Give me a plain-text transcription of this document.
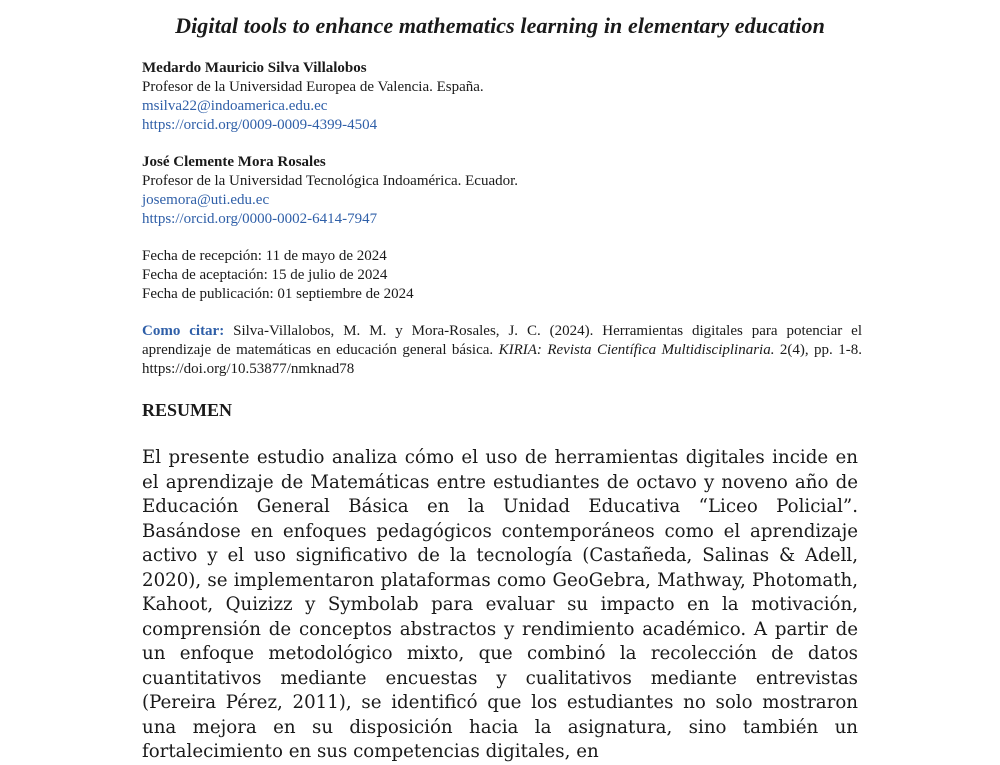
Digital tools to enhance mathematics learning in elementary education
Medardo Mauricio Silva Villalobos
Profesor de la Universidad Europea de Valencia. España.
msilva22@indoamerica.edu.ec
https://orcid.org/0009-0009-4399-4504
José Clemente Mora Rosales
Profesor de la Universidad Tecnológica Indoamérica. Ecuador.
josemora@uti.edu.ec
https://orcid.org/0000-0002-6414-7947
Fecha de recepción: 11 de mayo de 2024
Fecha de aceptación: 15 de julio de 2024
Fecha de publicación: 01 septiembre de 2024
Como citar: Silva-Villalobos, M. M. y Mora-Rosales, J. C. (2024). Herramientas digitales para potenciar el aprendizaje de matemáticas en educación general básica. KIRIA: Revista Científica Multidisciplinaria. 2(4), pp. 1-8. https://doi.org/10.53877/nmknad78
RESUMEN
El presente estudio analiza cómo el uso de herramientas digitales incide en el aprendizaje de Matemáticas entre estudiantes de octavo y noveno año de Educación General Básica en la Unidad Educativa “Liceo Policial”. Basándose en enfoques pedagógicos contemporáneos como el aprendizaje activo y el uso significativo de la tecnología (Castañeda, Salinas & Adell, 2020), se implementaron plataformas como GeoGebra, Mathway, Photomath, Kahoot, Quizizz y Symbolab para evaluar su impacto en la motivación, comprensión de conceptos abstractos y rendimiento académico. A partir de un enfoque metodológico mixto, que combinó la recolección de datos cuantitativos mediante encuestas y cualitativos mediante entrevistas (Pereira Pérez, 2011), se identificó que los estudiantes no solo mostraron una mejora en su disposición hacia la asignatura, sino también un fortalecimiento en sus competencias digitales, en
